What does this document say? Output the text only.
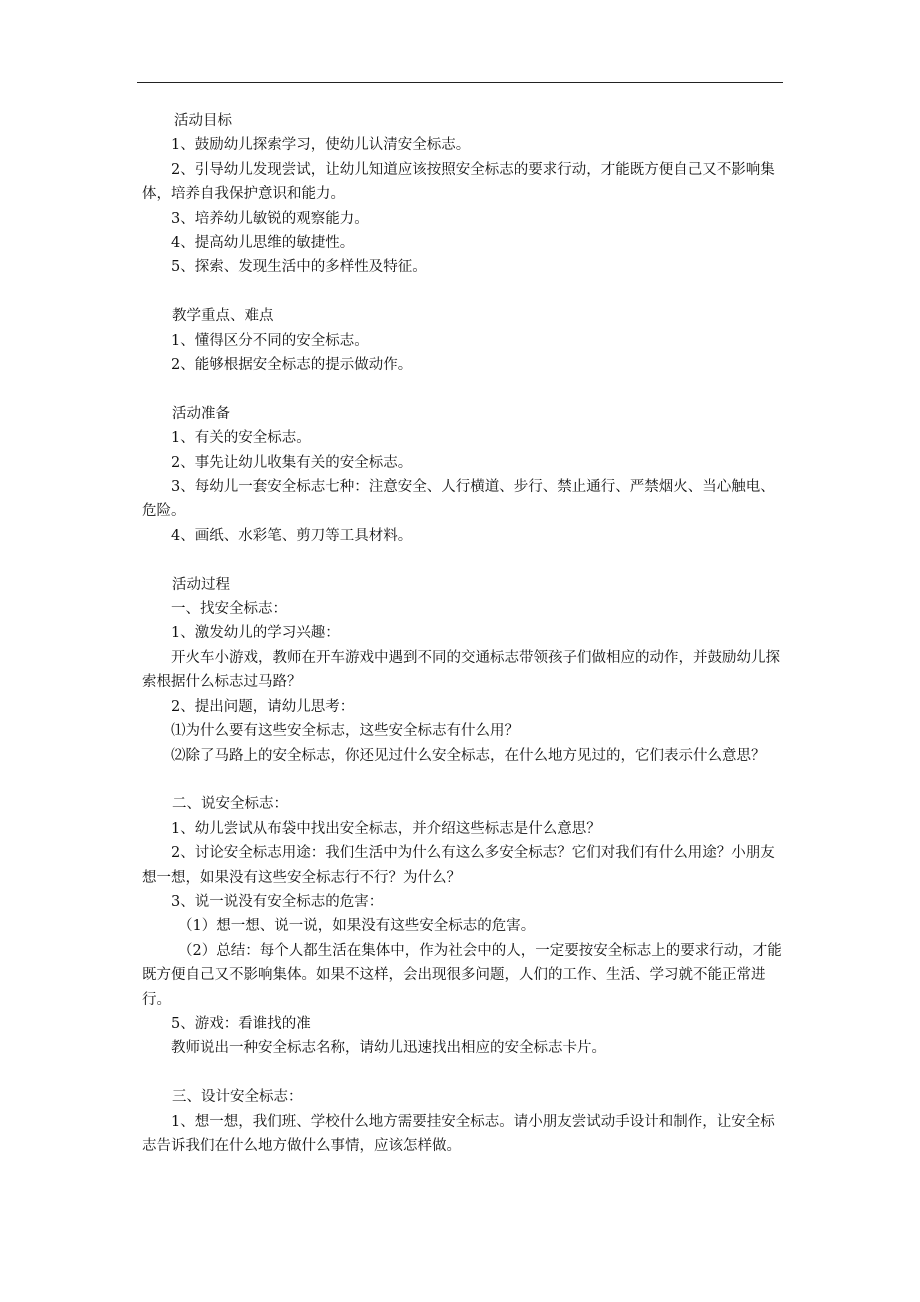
活动目标

1、鼓励幼儿探索学习，使幼儿认清安全标志。

2、引导幼儿发现尝试，让幼儿知道应该按照安全标志的要求行动，才能既方便自己又不影响集体，培养自我保护意识和能力。

3、培养幼儿敏锐的观察能力。

4、提高幼儿思维的敏捷性。

5、探索、发现生活中的多样性及特征。

教学重点、难点

1、懂得区分不同的安全标志。

2、能够根据安全标志的提示做动作。

活动准备

1、有关的安全标志。

2、事先让幼儿收集有关的安全标志。

3、每幼儿一套安全标志七种：注意安全、人行横道、步行、禁止通行、严禁烟火、当心触电、危险。

4、画纸、水彩笔、剪刀等工具材料。

活动过程

一、找安全标志：

1、激发幼儿的学习兴趣：

开火车小游戏，教师在开车游戏中遇到不同的交通标志带领孩子们做相应的动作，并鼓励幼儿探索根据什么标志过马路？

2、提出问题，请幼儿思考：

⑴为什么要有这些安全标志，这些安全标志有什么用？

⑵除了马路上的安全标志，你还见过什么安全标志，在什么地方见过的，它们表示什么意思？

二、说安全标志：

1、幼儿尝试从布袋中找出安全标志，并介绍这些标志是什么意思？

2、讨论安全标志用途：我们生活中为什么有这么多安全标志？它们对我们有什么用途？小朋友想一想，如果没有这些安全标志行不行？为什么？

3、说一说没有安全标志的危害：

（1）想一想、说一说，如果没有这些安全标志的危害。

（2）总结：每个人都生活在集体中，作为社会中的人，一定要按安全标志上的要求行动，才能既方便自己又不影响集体。如果不这样，会出现很多问题，人们的工作、生活、学习就不能正常进行。

5、游戏：看谁找的准

教师说出一种安全标志名称，请幼儿迅速找出相应的安全标志卡片。

三、设计安全标志：

1、想一想，我们班、学校什么地方需要挂安全标志。请小朋友尝试动手设计和制作，让安全标志告诉我们在什么地方做什么事情，应该怎样做。
